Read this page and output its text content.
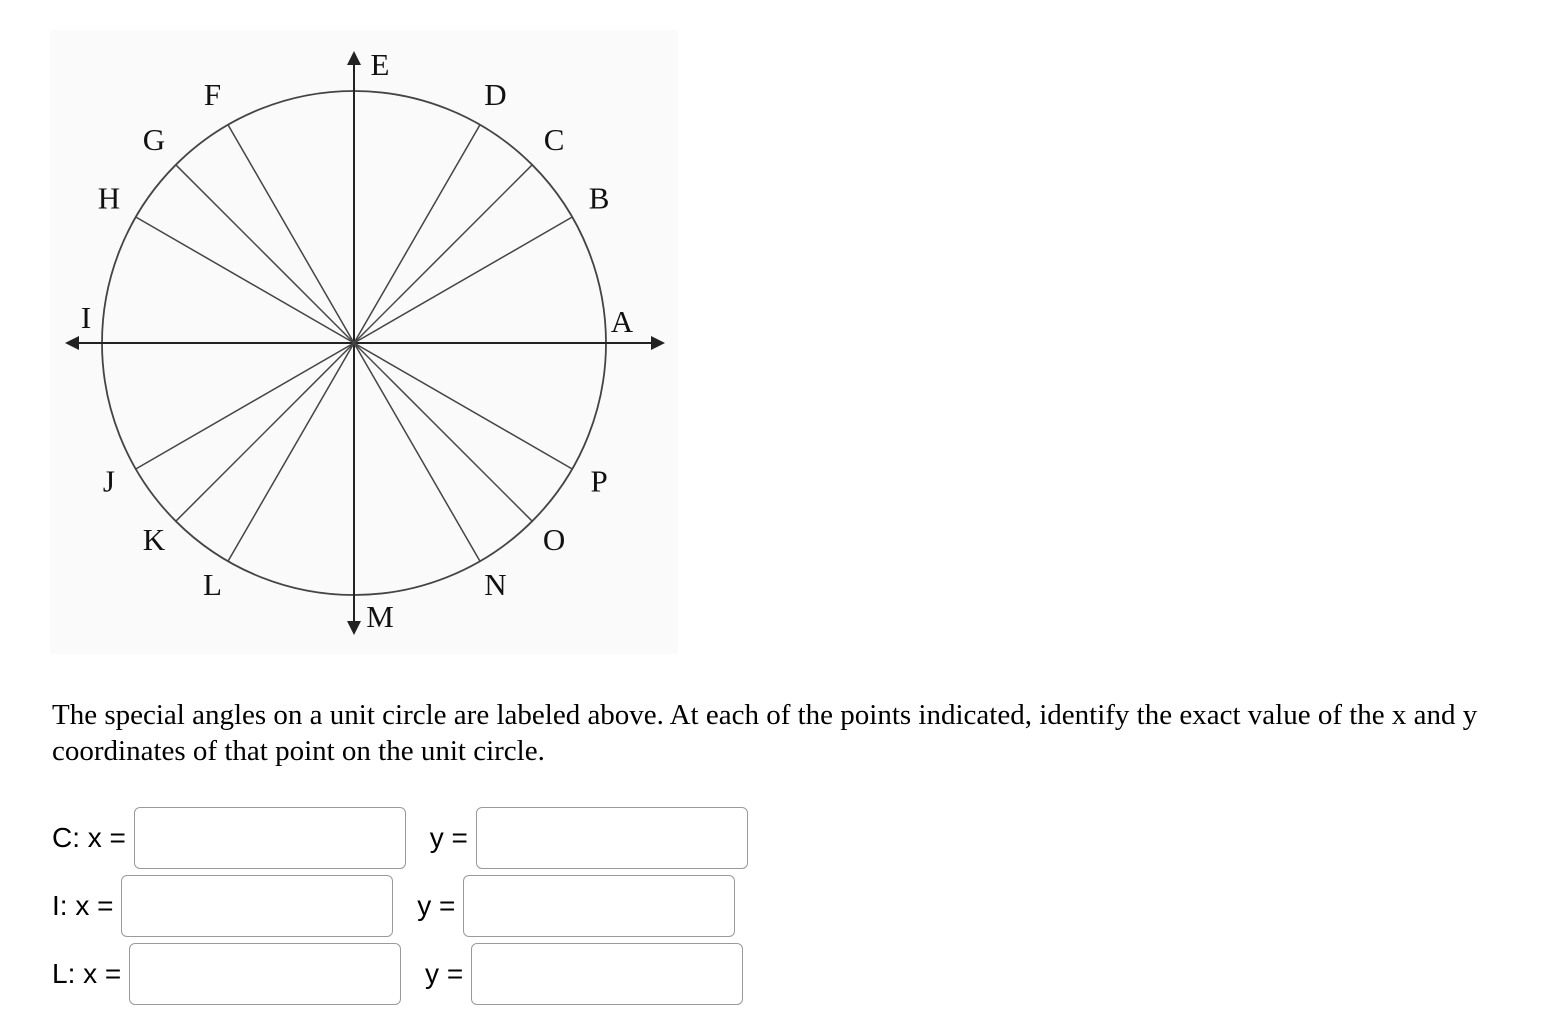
A
B
C
D
E
F
G
H
I
J
K
L
M
N
O
P

The special angles on a unit circle are labeled above. At each of the points indicated, identify the exact value of the x and y coordinates of that point on the unit circle.

C: x =	y =
I: x =	y =
L: x =	y =
